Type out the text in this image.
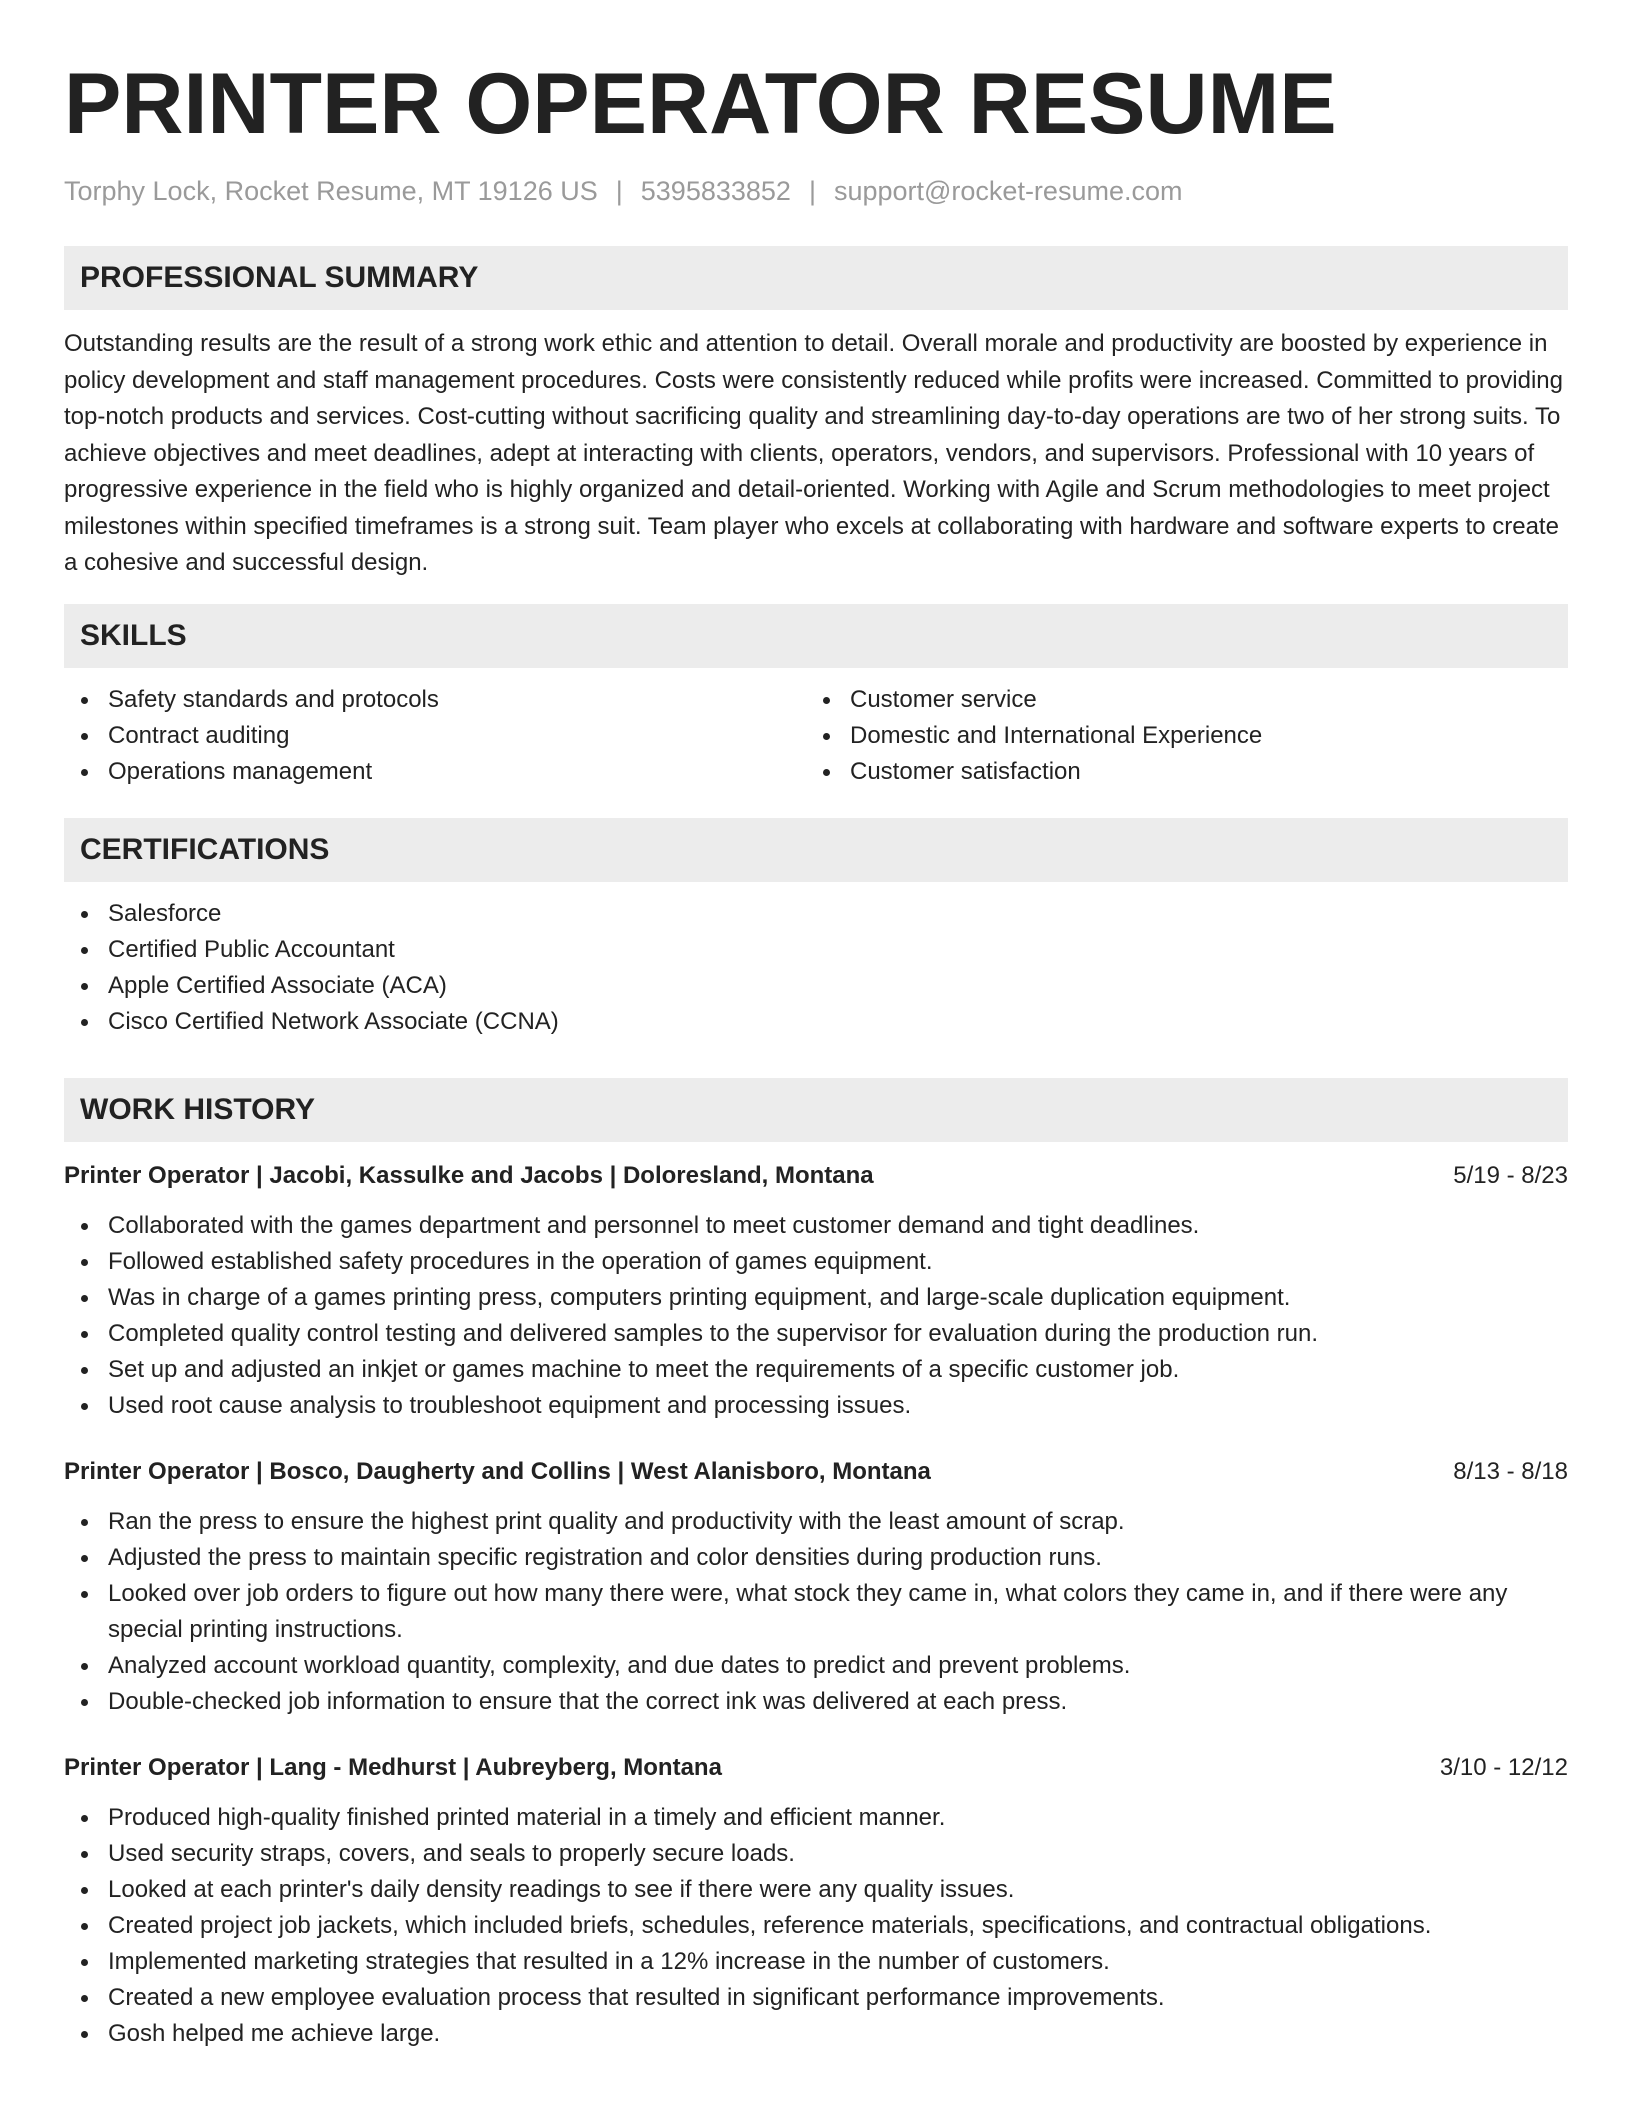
PRINTER OPERATOR RESUME
Torphy Lock, Rocket Resume, MT 19126 US | 5395833852 | support@rocket-resume.com
PROFESSIONAL SUMMARY

Outstanding results are the result of a strong work ethic and attention to detail. Overall morale and productivity are boosted by experience in policy development and staff management procedures. Costs were consistently reduced while profits were increased. Committed to providing top-notch products and services. Cost-cutting without sacrificing quality and streamlining day-to-day operations are two of her strong suits. To achieve objectives and meet deadlines, adept at interacting with clients, operators, vendors, and supervisors. Professional with 10 years of progressive experience in the field who is highly organized and detail-oriented. Working with Agile and Scrum methodologies to meet project milestones within specified timeframes is a strong suit. Team player who excels at collaborating with hardware and software experts to create a cohesive and successful design.

SKILLS
Safety standards and protocols
Contract auditing
Operations management
Customer service
Domestic and International Experience
Customer satisfaction
CERTIFICATIONS
Salesforce
Certified Public Accountant
Apple Certified Associate (ACA)
Cisco Certified Network Associate (CCNA)
WORK HISTORY
Printer Operator | Jacobi, Kassulke and Jacobs | Doloresland, Montana	5/19 - 8/23
Collaborated with the games department and personnel to meet customer demand and tight deadlines.
Followed established safety procedures in the operation of games equipment.
Was in charge of a games printing press, computers printing equipment, and large-scale duplication equipment.
Completed quality control testing and delivered samples to the supervisor for evaluation during the production run.
Set up and adjusted an inkjet or games machine to meet the requirements of a specific customer job.
Used root cause analysis to troubleshoot equipment and processing issues.
Printer Operator | Bosco, Daugherty and Collins | West Alanisboro, Montana	8/13 - 8/18
Ran the press to ensure the highest print quality and productivity with the least amount of scrap.
Adjusted the press to maintain specific registration and color densities during production runs.
Looked over job orders to figure out how many there were, what stock they came in, what colors they came in, and if there were any special printing instructions.
Analyzed account workload quantity, complexity, and due dates to predict and prevent problems.
Double-checked job information to ensure that the correct ink was delivered at each press.
Printer Operator | Lang - Medhurst | Aubreyberg, Montana	3/10 - 12/12
Produced high-quality finished printed material in a timely and efficient manner.
Used security straps, covers, and seals to properly secure loads.
Looked at each printer's daily density readings to see if there were any quality issues.
Created project job jackets, which included briefs, schedules, reference materials, specifications, and contractual obligations.
Implemented marketing strategies that resulted in a 12% increase in the number of customers.
Created a new employee evaluation process that resulted in significant performance improvements.
Gosh helped me achieve large.
